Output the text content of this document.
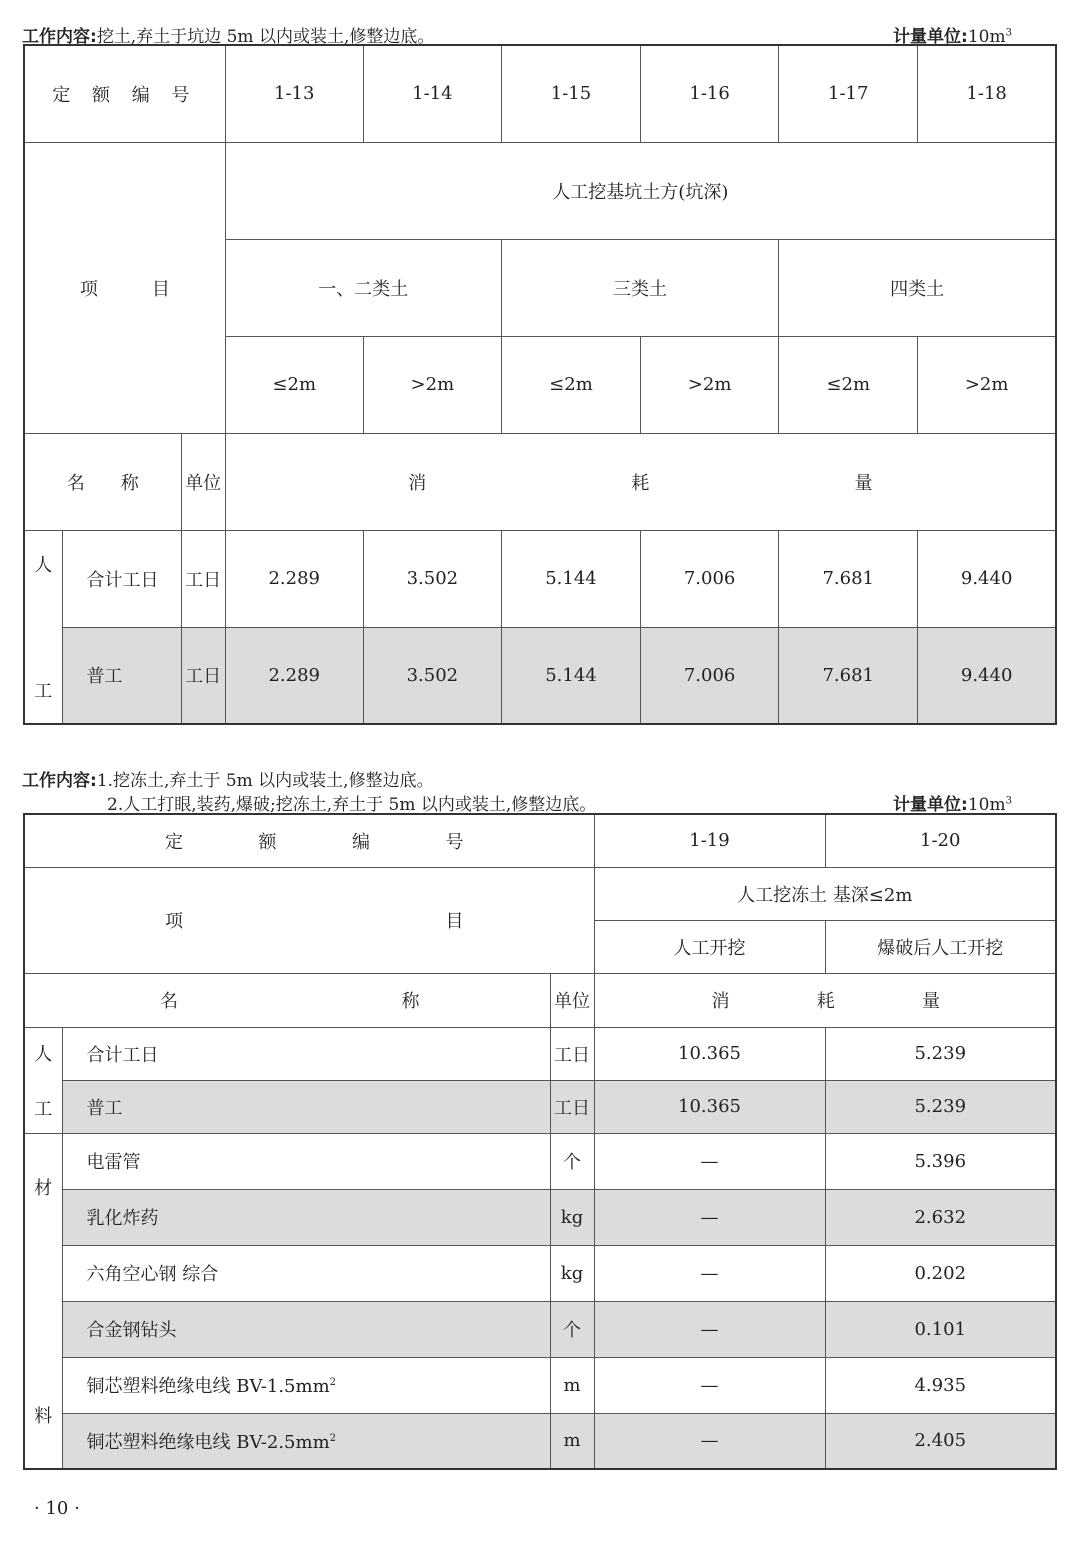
工作内容:挖土,弃土于坑边 5m 以内或装土,修整边底。	计量单位$:10m^3$
定 额 编 号			1-13	1-14	1-15	1-16	1-17	1-18
项　　　目			人工挖基坑土方(坑深)					
			一、二类土		三类土		四类土	
			≤2m	>2m	≤2m	>2m	≤2m	>2m
名　　称		单位	消 耗 量					

人
工	合计工日	工日	2.289	3.502	5.144	7.006	7.681	9.440
	普工	工日	2.289	3.502	5.144	7.006	7.681	9.440
工作内容:1.挖冻土,弃土于 5m 以内或装土,修整边底。
2.人工打眼,装药,爆破;挖冻土,弃土于 5m 以内或装土,修整边底。	计量单位$:10m^3$
定 额 编 号			1-19	1-20

项 目			人工挖冻土 基深≤2m	
			人工开挖	爆破后人工开挖

名 称		单位	消 耗 量	

人
工	合计工日	工日	10.365	5.239
	普工	工日	10.365	5.239

材
料	电雷管	个	—	5.396
	乳化炸药	kg	—	2.632
	六角空心钢 综合	kg	—	0.202
	合金钢钻头	个	—	0.101
	铜芯塑料绝缘电线 $BV-1.5mm^2$	m	—	4.935
	铜芯塑料绝缘电线 $BV-2.5mm^2$	m	—	2.405
· 10 ·
